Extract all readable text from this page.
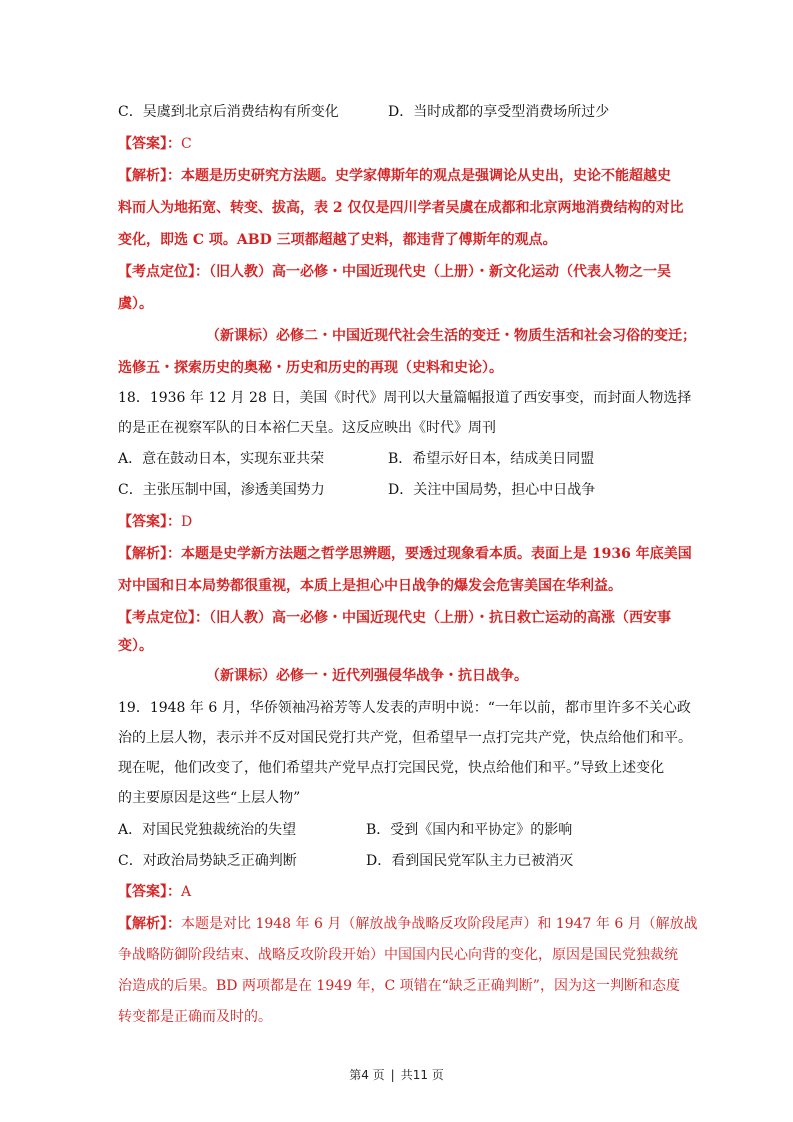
C．吴虞到北京后消费结构有所变化	D．当时成都的享受型消费场所过少
【答案】：C
【解析】：本题是历史研究方法题。史学家傅斯年的观点是强调论从史出，史论不能超越史
料而人为地拓宽、转变、拔高，表 2 仅仅是四川学者吴虞在成都和北京两地消费结构的对比
变化，即选 C 项。ABD 三项都超越了史料，都违背了傅斯年的观点。
【考点定位】：（旧人教）高一必修・中国近现代史（上册）・新文化运动（代表人物之一吴
虞）。
（新课标）必修二・中国近现代社会生活的变迁・物质生活和社会习俗的变迁；
选修五・探索历史的奥秘・历史和历史的再现（史料和史论）。
18．1936 年 12 月 28 日，美国《时代》周刊以大量篇幅报道了西安事变，而封面人物选择
的是正在视察军队的日本裕仁天皇。这反应映出《时代》周刊
A．意在鼓动日本，实现东亚共荣	B．希望示好日本，结成美日同盟
C．主张压制中国，渗透美国势力	D．关注中国局势，担心中日战争
【答案】：D
【解析】：本题是史学新方法题之哲学思辨题，要透过现象看本质。表面上是 1936 年底美国
对中国和日本局势都很重视，本质上是担心中日战争的爆发会危害美国在华利益。
【考点定位】：（旧人教）高一必修・中国近现代史（上册）・抗日救亡运动的高涨（西安事
变）。
（新课标）必修一・近代列强侵华战争・抗日战争。
19．1948 年 6 月，华侨领袖冯裕芳等人发表的声明中说：“一年以前，都市里许多不关心政
治的上层人物，表示并不反对国民党打共产党，但希望早一点打完共产党，快点给他们和平。
现在呢，他们改变了，他们希望共产党早点打完国民党，快点给他们和平。”导致上述变化
的主要原因是这些“上层人物”
A．对国民党独裁统治的失望	B．受到《国内和平协定》的影响
C．对政治局势缺乏正确判断	D．看到国民党军队主力已被消灭
【答案】：A
【解析】：本题是对比 1948 年 6 月（解放战争战略反攻阶段尾声）和 1947 年 6 月（解放战
争战略防御阶段结束、战略反攻阶段开始）中国国内民心向背的变化，原因是国民党独裁统
治造成的后果。BD 两项都是在 1949 年，C 项错在“缺乏正确判断”，因为这一判断和态度
转变都是正确而及时的。
第4 页 | 共11 页
